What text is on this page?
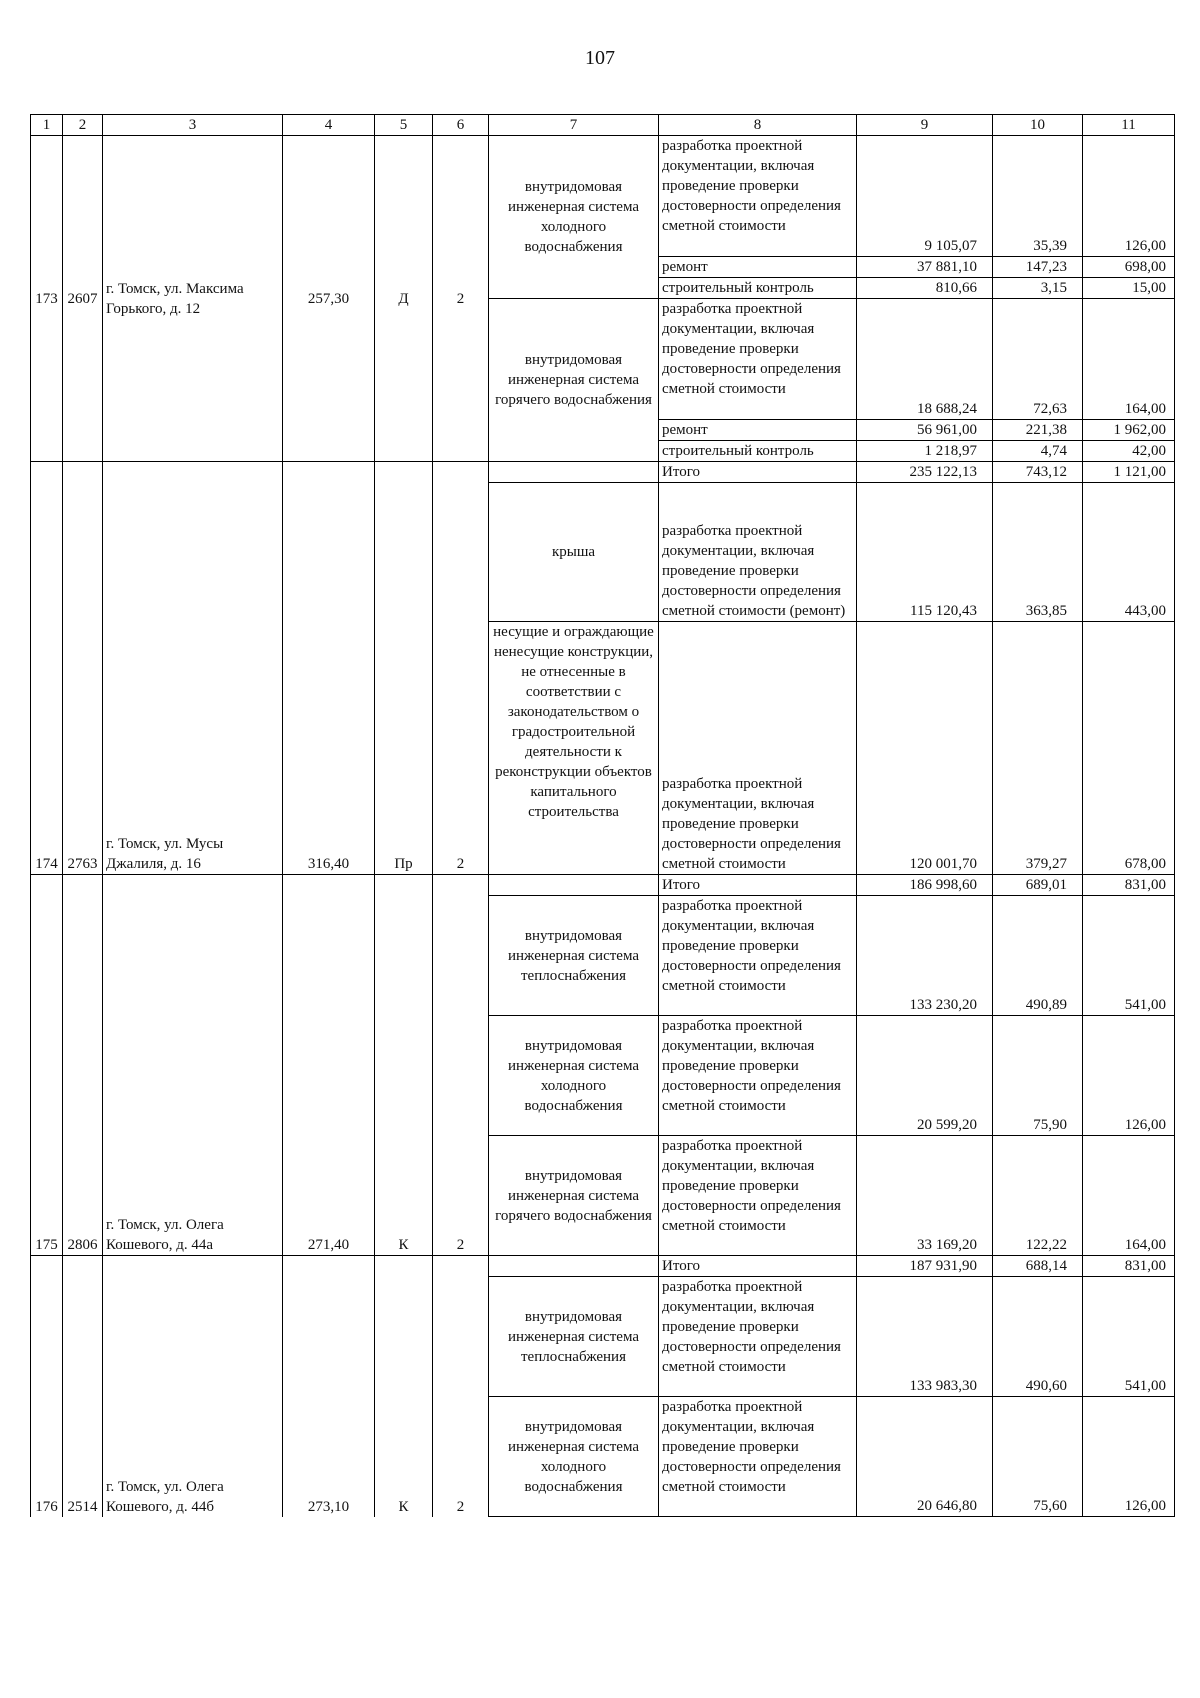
107
1	2	3	4	5	6	7	8	9	10	11
173	2607	г. Томск, ул. Максима Горького, д. 12	257,30	Д	2	внутридомовая инженерная система холодного водоснабжения	разработка проектной документации, включая проведение проверки достоверности определения сметной стоимости	9 105,07	35,39	126,00
							ремонт	37 881,10	147,23	698,00
							строительный контроль	810,66	3,15	15,00
						внутридомовая инженерная система горячего водоснабжения	разработка проектной документации, включая проведение проверки достоверности определения сметной стоимости	18 688,24	72,63	164,00
							ремонт	56 961,00	221,38	1 962,00
							строительный контроль	1 218,97	4,74	42,00
174	2763	г. Томск, ул. Мусы Джалиля, д. 16	316,40	Пр	2		Итого	235 122,13	743,12	1 121,00
						крыша	разработка проектной документации, включая проведение проверки достоверности определения сметной стоимости (ремонт)	115 120,43	363,85	443,00
						несущие и ограждающие ненесущие конструкции, не отнесенные в соответствии с законодательством о градостроительной деятельности к реконструкции объектов капитального строительства	разработка проектной документации, включая проведение проверки достоверности определения сметной стоимости	120 001,70	379,27	678,00
175	2806	г. Томск, ул. Олега Кошевого, д. 44а	271,40	К	2		Итого	186 998,60	689,01	831,00
						внутридомовая инженерная система теплоснабжения	разработка проектной документации, включая проведение проверки достоверности определения сметной стоимости	133 230,20	490,89	541,00
						внутридомовая инженерная система холодного водоснабжения	разработка проектной документации, включая проведение проверки достоверности определения сметной стоимости	20 599,20	75,90	126,00
						внутридомовая инженерная система горячего водоснабжения	разработка проектной документации, включая проведение проверки достоверности определения сметной стоимости	33 169,20	122,22	164,00
176	2514	г. Томск, ул. Олега Кошевого, д. 44б	273,10	К	2		Итого	187 931,90	688,14	831,00
						внутридомовая инженерная система теплоснабжения	разработка проектной документации, включая проведение проверки достоверности определения сметной стоимости	133 983,30	490,60	541,00
						внутридомовая инженерная система холодного водоснабжения	разработка проектной документации, включая проведение проверки достоверности определения сметной стоимости	20 646,80	75,60	126,00
